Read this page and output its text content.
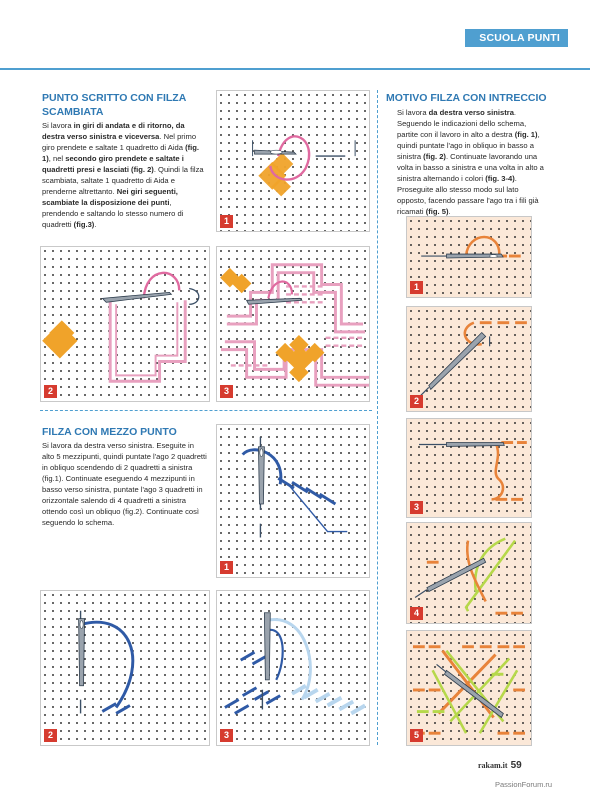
SCUOLA PUNTI
PUNTO SCRITTO CON FILZA
SCAMBIATA

Si lavora in giri di andata e di ritorno, da destra verso sinistra e viceversa. Nel primo giro prendete e saltate 1 quadretto di Aida (fig. 1), nel secondo giro prendete e saltate i quadretti presi e lasciati (fig. 2). Quindi la filza scambiata, saltate 1 quadretto di Aida e prenderne altrettanto. Nei giri seguenti, scambiate la disposizione dei punti, prendendo e saltando lo stesso numero di quadretti (fig.3).	1
2	3
FILZA CON MEZZO PUNTO

Si lavora da destra verso sinistra. Eseguite in alto 5 mezzipunti, quindi puntate l'ago 2 quadretti in obliquo scendendo di 2 quadretti a sinistra (fig.1). Continuate eseguendo 4 mezzipunti in basso verso sinistra, puntate l'ago 3 quadretti in orizzontale salendo di 4 quadretti a sinistra ottendo così un obliquo (fig.2). Continuate così seguendo lo schema.

1
2	3
MOTIVO FILZA CON INTRECCIO

Si lavora da destra verso sinistra. Seguendo le indicazioni dello schema, partite con il lavoro in alto a destra (fig. 1), quindi puntate l'ago in obliquo in basso a sinistra (fig. 2). Continuate lavorando una volta in basso a sinistra e una volta in alto a sinistra alternando i colori (fig. 3-4). Proseguite allo stesso modo sul lato opposto, facendo passare l'ago tra i fili già ricamati (fig. 5).

1
2
3
4
5
rakam.it 59
PassionForum.ru
